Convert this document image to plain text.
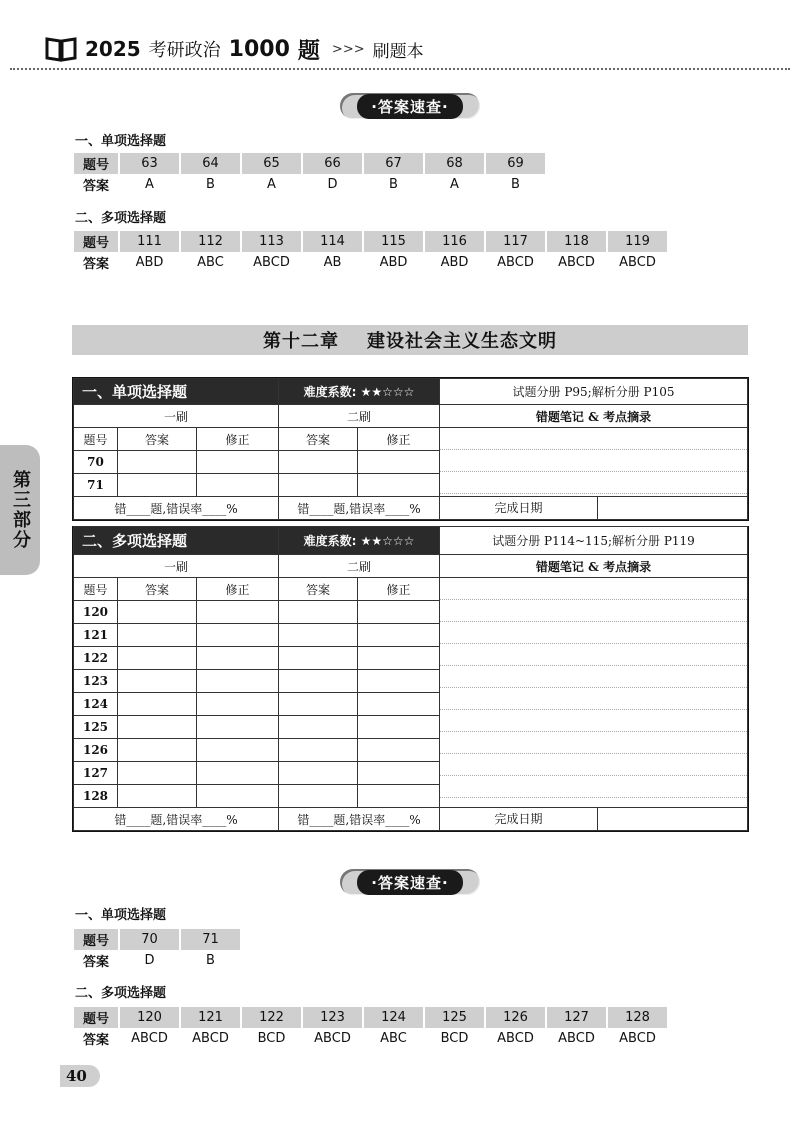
2025 考研政治 1000 题 >>> 刷题本
·答案速查·
一、单项选择题
题号	63	64	65	66	67	68	69
答案	A	B	A	D	B	A	B
二、多项选择题
题号	111	112	113	114	115	116	117	118	119
答案	ABD	ABC	ABCD	AB	ABD	ABD	ABCD	ABCD	ABCD
第十二章 建设社会主义生态文明
第三部分
一、单项选择题			难度系数: ★★☆☆☆		试题分册 P95;解析分册 P105
一刷			二刷		错题笔记 & 考点摘录
题号	答案	修正	答案	修正	

70					
71					
错____题,错误率____%			错____题,错误率____%		完成日期
二、多项选择题			难度系数: ★★☆☆☆		试题分册 P114~115;解析分册 P119
一刷			二刷		错题笔记 & 考点摘录
题号	答案	修正	答案	修正	

120					
121					
122					
123					
124					
125					
126					
127					
128					
错____题,错误率____%			错____题,错误率____%		完成日期
·答案速查·
一、单项选择题
题号	70	71
答案	D	B
二、多项选择题
题号	120	121	122	123	124	125	126	127	128
答案	ABCD	ABCD	BCD	ABCD	ABC	BCD	ABCD	ABCD	ABCD
40
